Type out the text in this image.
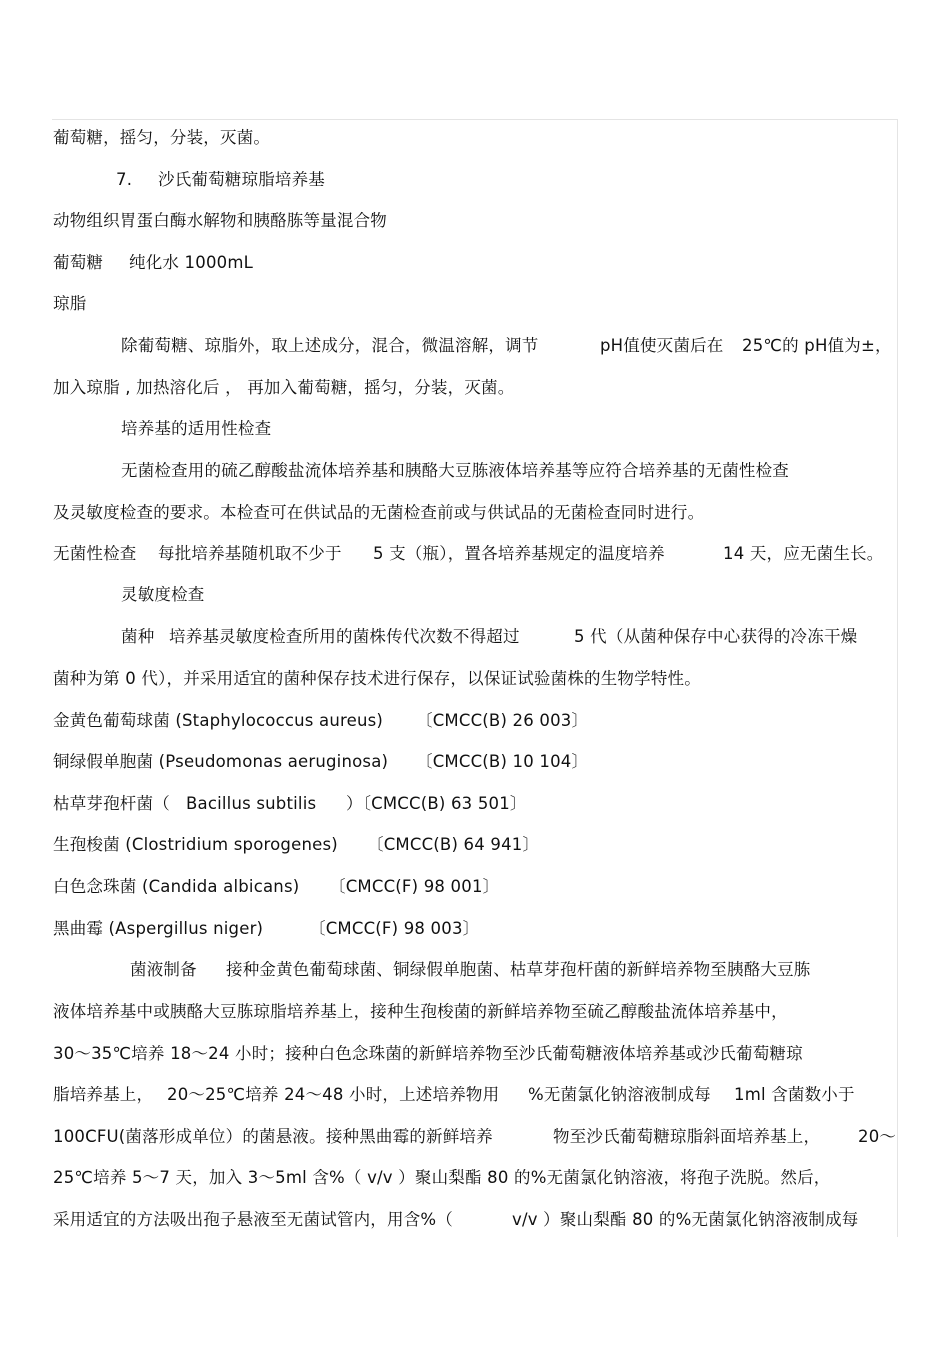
葡萄糖，摇匀，分装，灭菌。
7. 沙氏葡萄糖琼脂培养基
动物组织胃蛋白酶水解物和胰酪胨等量混合物
葡萄糖 纯化水 1000mL
琼脂
除葡萄糖、琼脂外，取上述成分，混合，微温溶解，调节	pH值使灭菌后在 25℃的 pH值为±，
加入琼脂 , 加热溶化后 ， 再加入葡萄糖，摇匀，分装，灭菌。
培养基的适用性检查
无菌检查用的硫乙醇酸盐流体培养基和胰酪大豆胨液体培养基等应符合培养基的无菌性检查
及灵敏度检查的要求。本检查可在供试品的无菌检查前或与供试品的无菌检查同时进行。
无菌性检查 每批培养基随机取不少于 5 支（瓶），置各培养基规定的温度培养	14 天，应无菌生长。
灵敏度检查
菌种 培养基灵敏度检查所用的菌株传代次数不得超过	5 代（从菌种保存中心获得的冷冻干燥
菌种为第 0 代），并采用适宜的菌种保存技术进行保存，以保证试验菌株的生物学特性。
金黄色葡萄球菌 (Staphylococcus aureus) 〔CMCC(B) 26 003〕
铜绿假单胞菌 (Pseudomonas aeruginosa) 〔CMCC(B) 10 104〕
枯草芽孢杆菌（ Bacillus subtilis ）〔CMCC(B) 63 501〕
生孢梭菌 (Clostridium sporogenes) 〔CMCC(B) 64 941〕
白色念珠菌 (Candida albicans) 〔CMCC(F) 98 001〕
黑曲霉 (Aspergillus niger)	〔CMCC(F) 98 003〕
菌液制备 接种金黄色葡萄球菌、铜绿假单胞菌、枯草芽孢杆菌的新鲜培养物至胰酪大豆胨
液体培养基中或胰酪大豆胨琼脂培养基上，接种生孢梭菌的新鲜培养物至硫乙醇酸盐流体培养基中，
30～35℃培养 18～24 小时；接种白色念珠菌的新鲜培养物至沙氏葡萄糖液体培养基或沙氏葡萄糖琼
脂培养基上， 20～25℃培养 24～48 小时，上述培养物用 %无菌氯化钠溶液制成每 1ml 含菌数小于
100CFU(菌落形成单位）的菌悬液。接种黑曲霉的新鲜培养	物至沙氏葡萄糖琼脂斜面培养基上， 20～
25℃培养 5～7 天，加入 3～5ml 含%（ v/v ）聚山梨酯 80 的%无菌氯化钠溶液，将孢子洗脱。然后，
采用适宜的方法吸出孢子悬液至无菌试管内，用含%（	v/v ）聚山梨酯 80 的%无菌氯化钠溶液制成每
